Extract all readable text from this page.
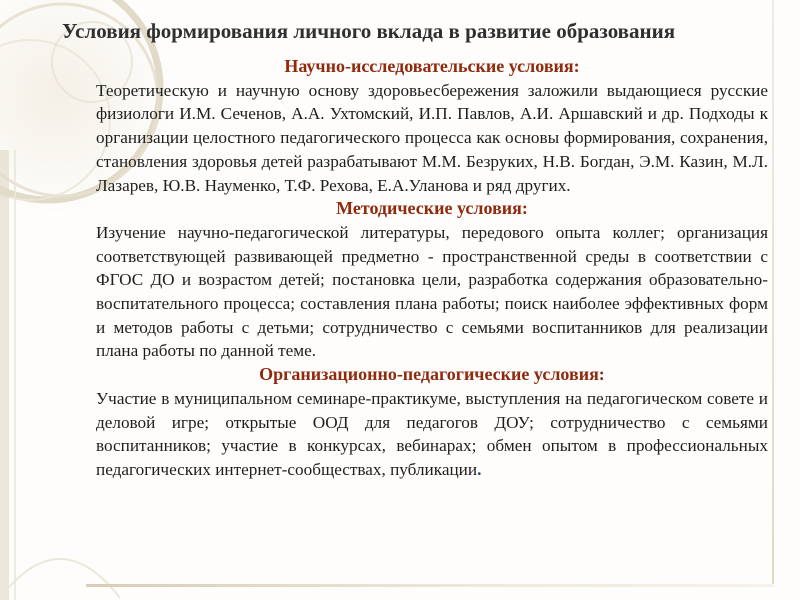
Условия формирования личного вклада в развитие образования
Научно-исследовательские условия:

Теоретическую и научную основу здоровьесбережения заложили выдающиеся русские физиологи И.М. Сеченов, А.А. Ухтомский, И.П. Павлов, А.И. Аршавский и др. Подходы к организации целостного педагогического процесса как основы формирования, сохранения, становления здоровья детей разрабатывают М.М. Безруких, Н.В. Богдан, Э.М. Казин, М.Л. Лазарев, Ю.В. Науменко, Т.Ф. Рехова, Е.А.Уланова и ряд других.

Методические условия:

Изучение научно-педагогической литературы, передового опыта коллег; организация соответствующей развивающей предметно - пространственной среды в соответствии с ФГОС ДО и возрастом детей; постановка цели, разработка содержания образовательно-воспитательного процесса; составления плана работы; поиск наиболее эффективных форм и методов работы с детьми; сотрудничество с семьями воспитанников для реализации плана работы по данной теме.

Организационно-педагогические условия:

Участие в муниципальном семинаре-практикуме, выступления на педагогическом совете и деловой игре; открытые ООД для педагогов ДОУ; сотрудничество с семьями воспитанников; участие в конкурсах, вебинарах; обмен опытом в профессиональных педагогических интернет-сообществах, публикации.
